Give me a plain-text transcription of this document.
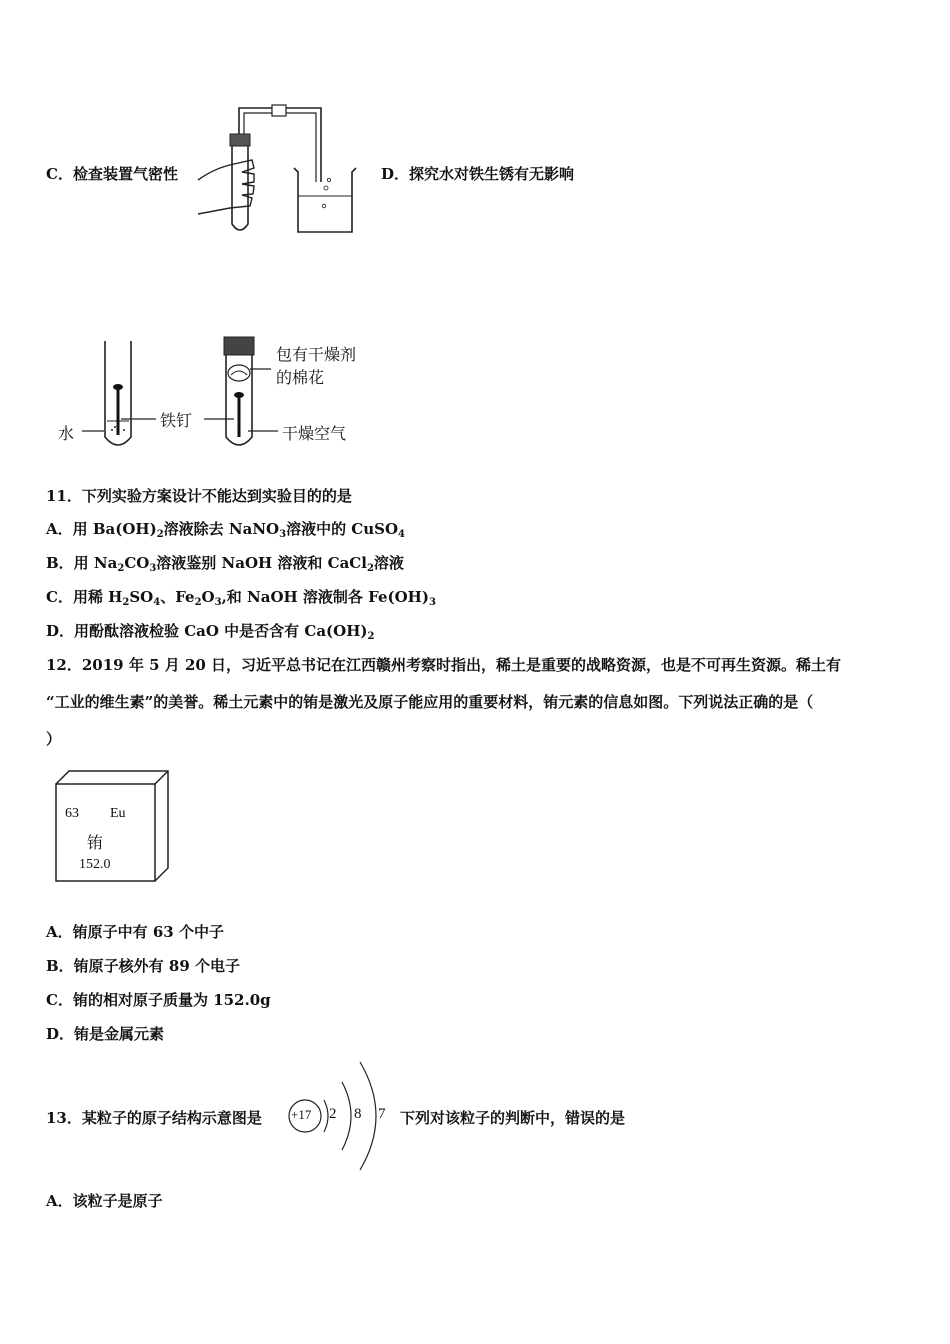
C．检查装置气密性	D．探究水对铁生锈有无影响
包有干燥剂
的棉花
铁钉
水	干燥空气
11．下列实验方案设计不能达到实验目的的是
A．用 $Ba(OH)_2$溶液除去 NaNO$_3$溶液中的 CuSO$_4$
B．用 $Na_2CO_3$溶液鉴别 NaOH 溶液和 CaCl$_2$溶液
C．用稀 $H_2SO_4$、$Fe_2O_3$,和 NaOH 溶液制各 $Fe(OH)_3$
D．用酚酞溶液检验 CaO 中是否含有 $Ca(OH)_2$
12．2019 年 5 月 20 日，习近平总书记在江西赣州考察时指出，稀土是重要的战略资源，也是不可再生资源。稀土有
“工业的维生素”的美誉。稀土元素中的铕是激光及原子能应用的重要材料，铕元素的信息如图。下列说法正确的是（
）
63 Eu
铕
152.0
A．铕原子中有 63 个中子
B．铕原子核外有 89 个电子
C．铕的相对原子质量为 152.0g
D．铕是金属元素
13．某粒子的原子结构示意图是 +17 2 8 7 下列对该粒子的判断中，错误的是
A．该粒子是原子
